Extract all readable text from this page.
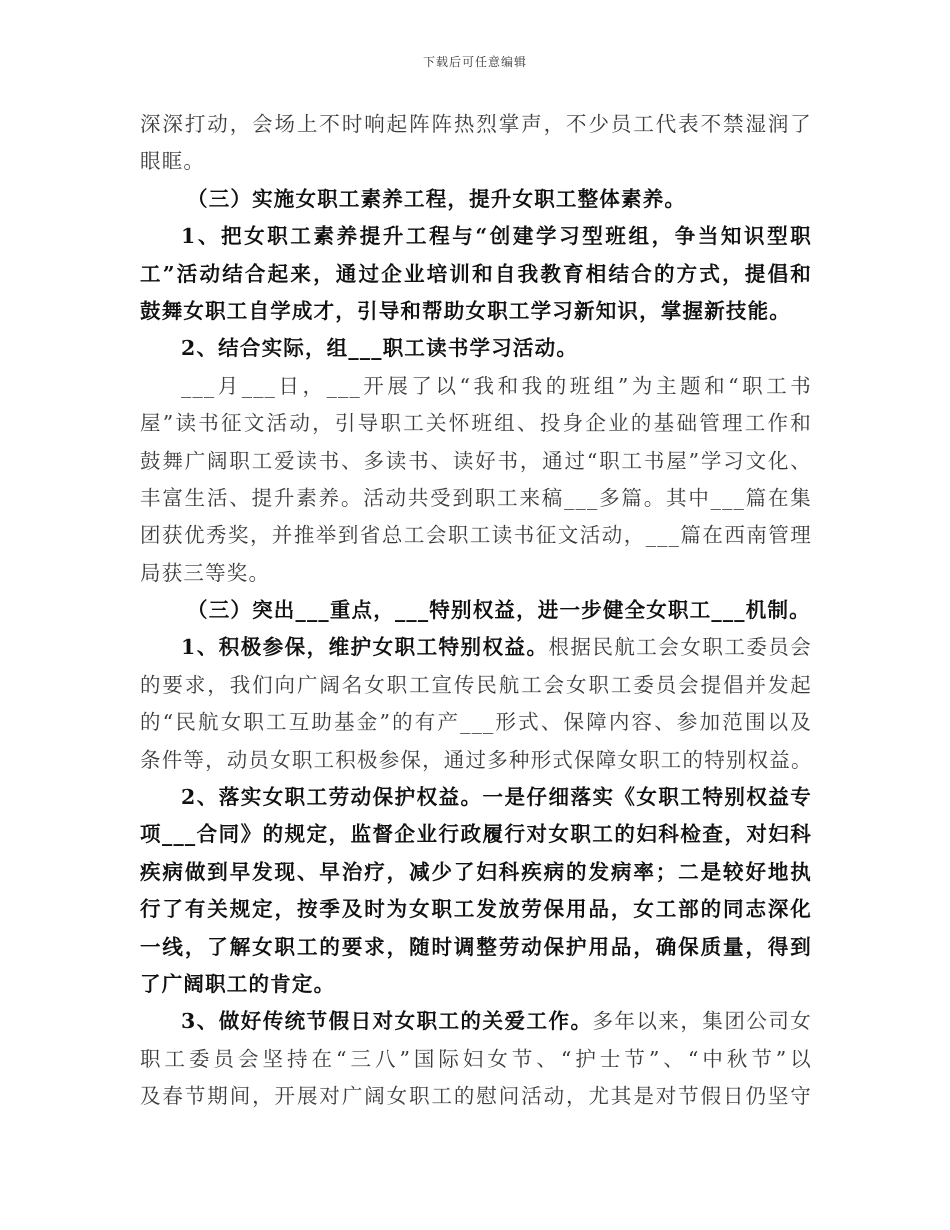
下载后可任意编辑
深深打动，会场上不时响起阵阵热烈掌声，不少员工代表不禁湿润了
眼眶。
（三）实施女职工素养工程，提升女职工整体素养。
1、把女职工素养提升工程与“创建学习型班组，争当知识型职
工”活动结合起来，通过企业培训和自我教育相结合的方式，提倡和
鼓舞女职工自学成才，引导和帮助女职工学习新知识，掌握新技能。
2、结合实际，组___职工读书学习活动。
___月___日，___开展了以“我和我的班组”为主题和“职工书
屋”读书征文活动，引导职工关怀班组、投身企业的基础管理工作和
鼓舞广阔职工爱读书、多读书、读好书，通过“职工书屋”学习文化、
丰富生活、提升素养。活动共受到职工来稿___多篇。其中___篇在集
团获优秀奖，并推举到省总工会职工读书征文活动，___篇在西南管理
局获三等奖。
（三）突出___重点，___特别权益，进一步健全女职工___机制。
1、积极参保，维护女职工特别权益。根据民航工会女职工委员会
的要求，我们向广阔名女职工宣传民航工会女职工委员会提倡并发起
的“民航女职工互助基金”的有产___形式、保障内容、参加范围以及
条件等，动员女职工积极参保，通过多种形式保障女职工的特别权益。
2、落实女职工劳动保护权益。一是仔细落实《女职工特别权益专
项___合同》的规定，监督企业行政履行对女职工的妇科检查，对妇科
疾病做到早发现、早治疗，减少了妇科疾病的发病率；二是较好地执
行了有关规定，按季及时为女职工发放劳保用品，女工部的同志深化
一线，了解女职工的要求，随时调整劳动保护用品，确保质量，得到
了广阔职工的肯定。
3、做好传统节假日对女职工的关爱工作。多年以来，集团公司女
职工委员会坚持在“三八”国际妇女节、“护士节”、“中秋节”以
及春节期间，开展对广阔女职工的慰问活动，尤其是对节假日仍坚守
